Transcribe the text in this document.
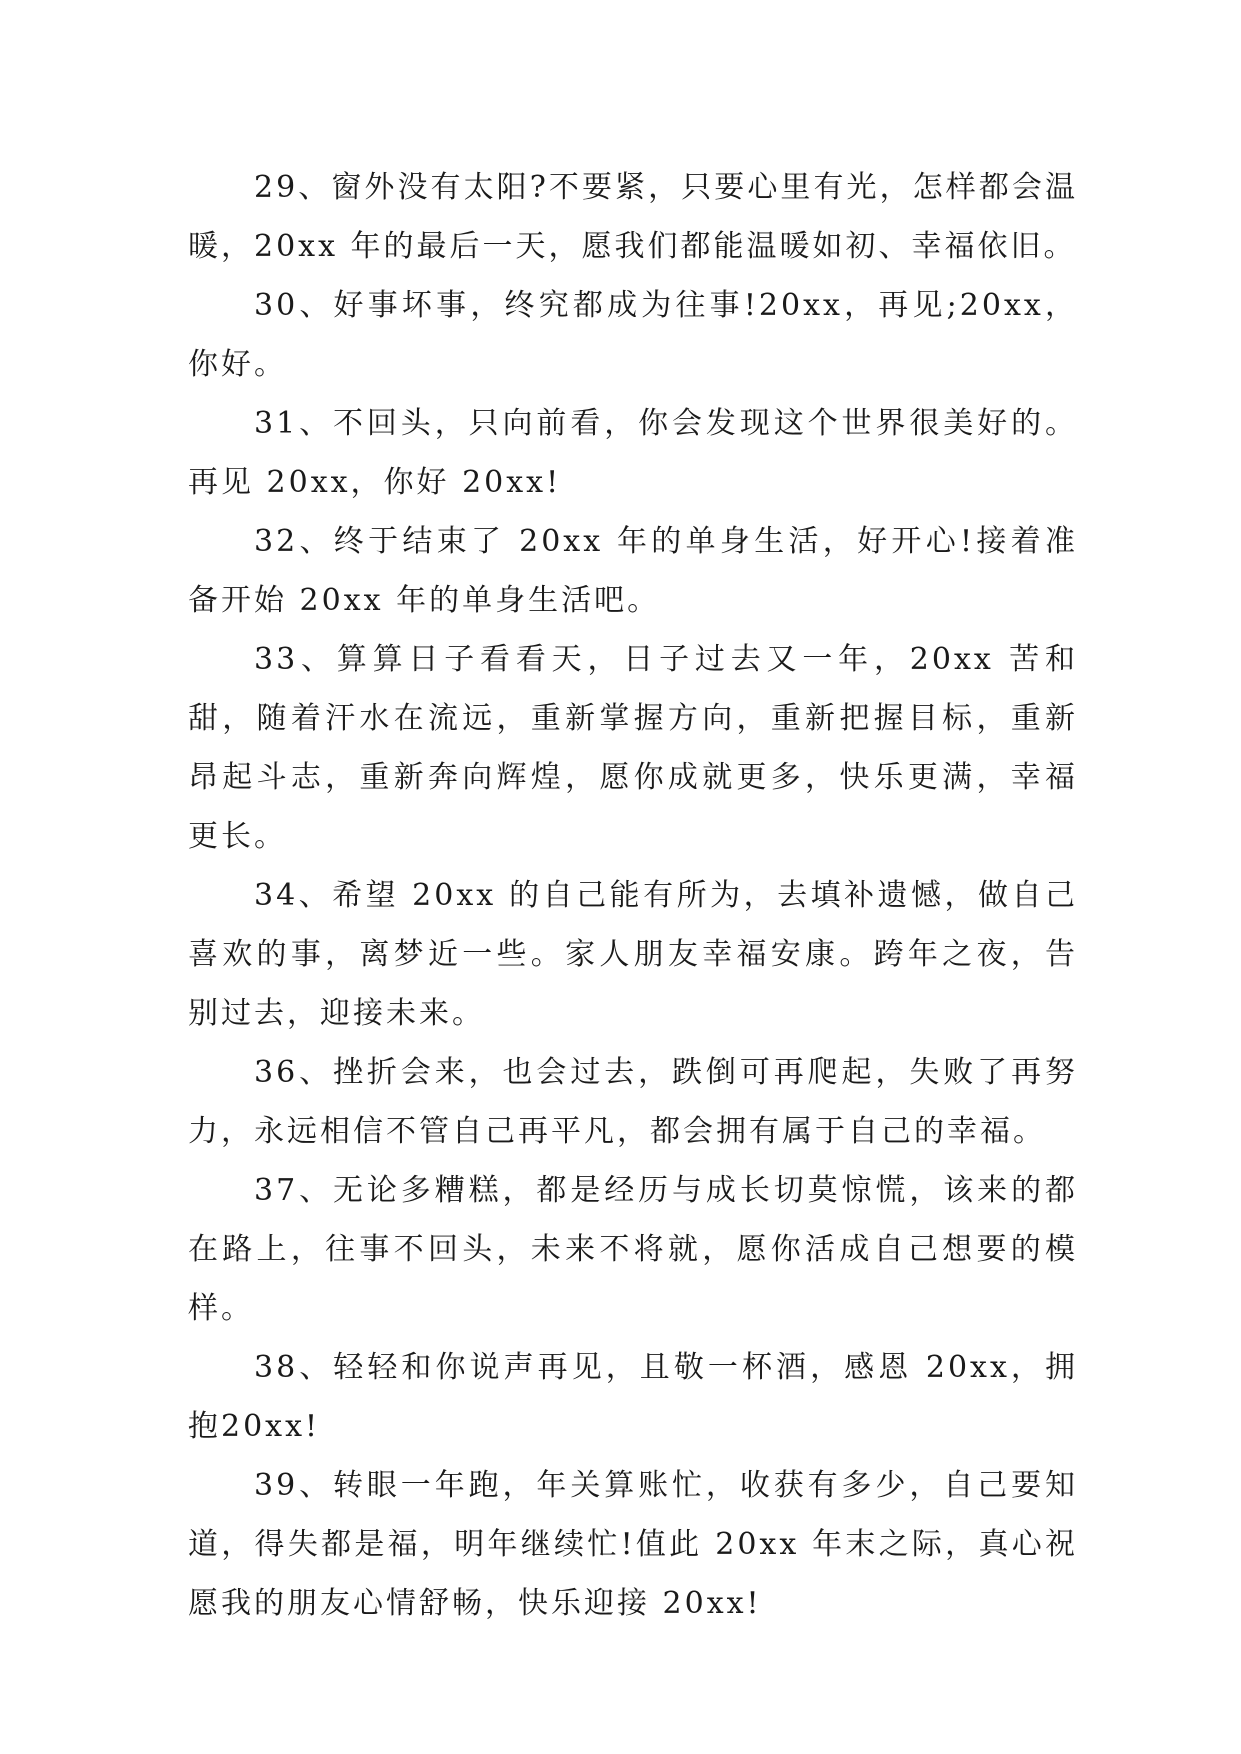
29、窗外没有太阳?不要紧，只要心里有光，怎样都会温暖，20xx 年的最后一天，愿我们都能温暖如初、幸福依旧。

30、好事坏事，终究都成为往事!20xx，再见;20xx，你好。

31、不回头，只向前看，你会发现这个世界很美好的。再见 20xx，你好 20xx!

32、终于结束了 20xx 年的单身生活，好开心!接着准备开始 20xx 年的单身生活吧。

33、算算日子看看天，日子过去又一年，20xx 苦和甜，随着汗水在流远，重新掌握方向，重新把握目标，重新昂起斗志，重新奔向辉煌，愿你成就更多，快乐更满，幸福更长。

34、希望 20xx 的自己能有所为，去填补遗憾，做自己喜欢的事，离梦近一些。家人朋友幸福安康。跨年之夜，告别过去，迎接未来。

36、挫折会来，也会过去，跌倒可再爬起，失败了再努力，永远相信不管自己再平凡，都会拥有属于自己的幸福。

37、无论多糟糕，都是经历与成长切莫惊慌，该来的都在路上，往事不回头，未来不将就，愿你活成自己想要的模样。

38、轻轻和你说声再见，且敬一杯酒，感恩 20xx，拥抱20xx!

39、转眼一年跑，年关算账忙，收获有多少，自己要知道，得失都是福，明年继续忙!值此 20xx 年末之际，真心祝愿我的朋友心情舒畅，快乐迎接 20xx!
